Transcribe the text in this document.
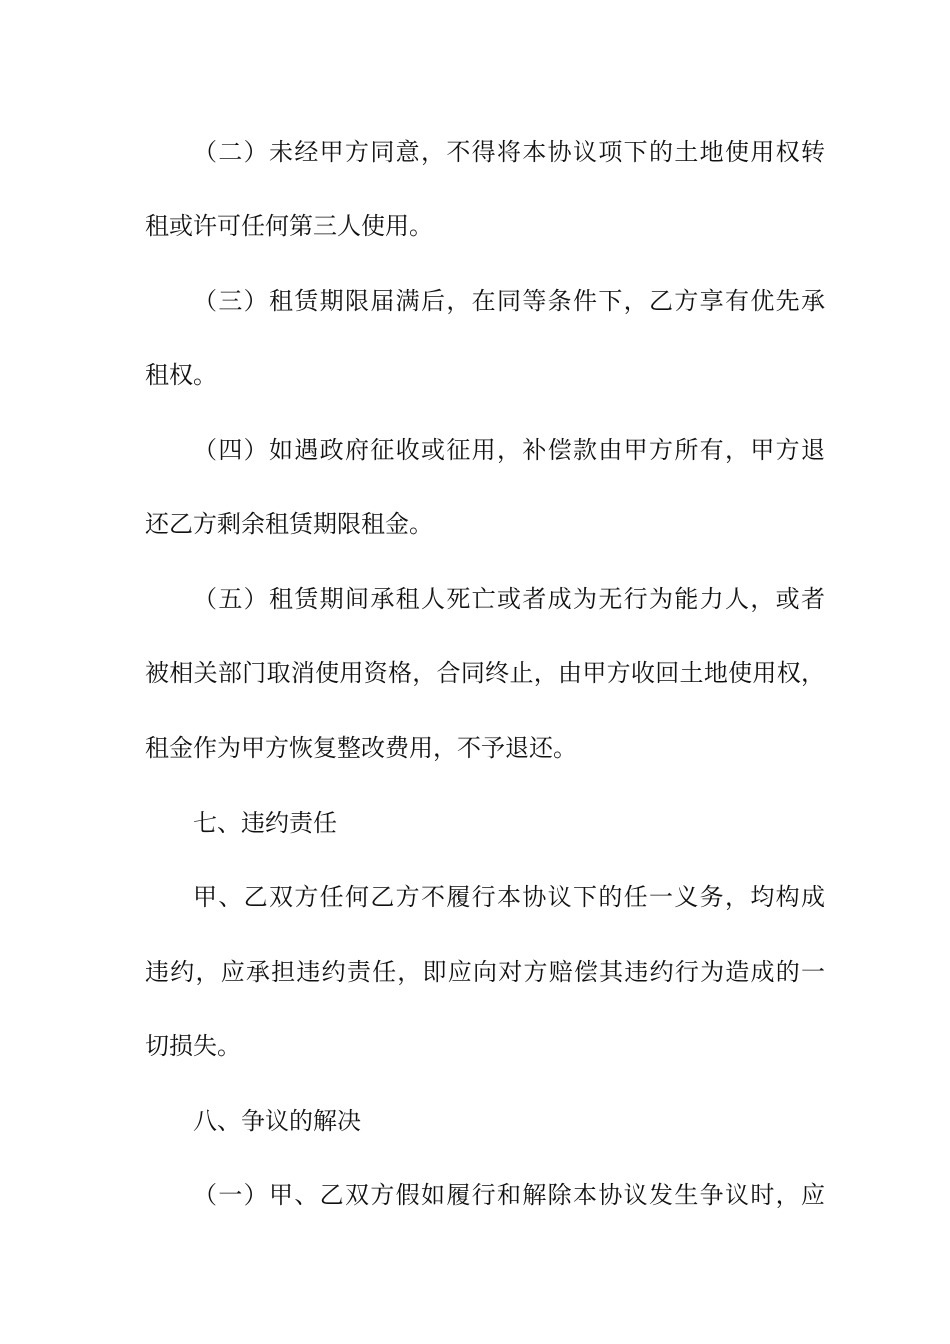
（二）未经甲方同意，不得将本协议项下的土地使用权转
租或许可任何第三人使用。
（三）租赁期限届满后，在同等条件下，乙方享有优先承
租权。
（四）如遇政府征收或征用，补偿款由甲方所有，甲方退
还乙方剩余租赁期限租金。
（五）租赁期间承租人死亡或者成为无行为能力人，或者
被相关部门取消使用资格，合同终止，由甲方收回土地使用权，
租金作为甲方恢复整改费用，不予退还。
七、违约责任
甲、乙双方任何乙方不履行本协议下的任一义务，均构成
违约，应承担违约责任，即应向对方赔偿其违约行为造成的一
切损失。
八、争议的解决
（一）甲、乙双方假如履行和解除本协议发生争议时，应
